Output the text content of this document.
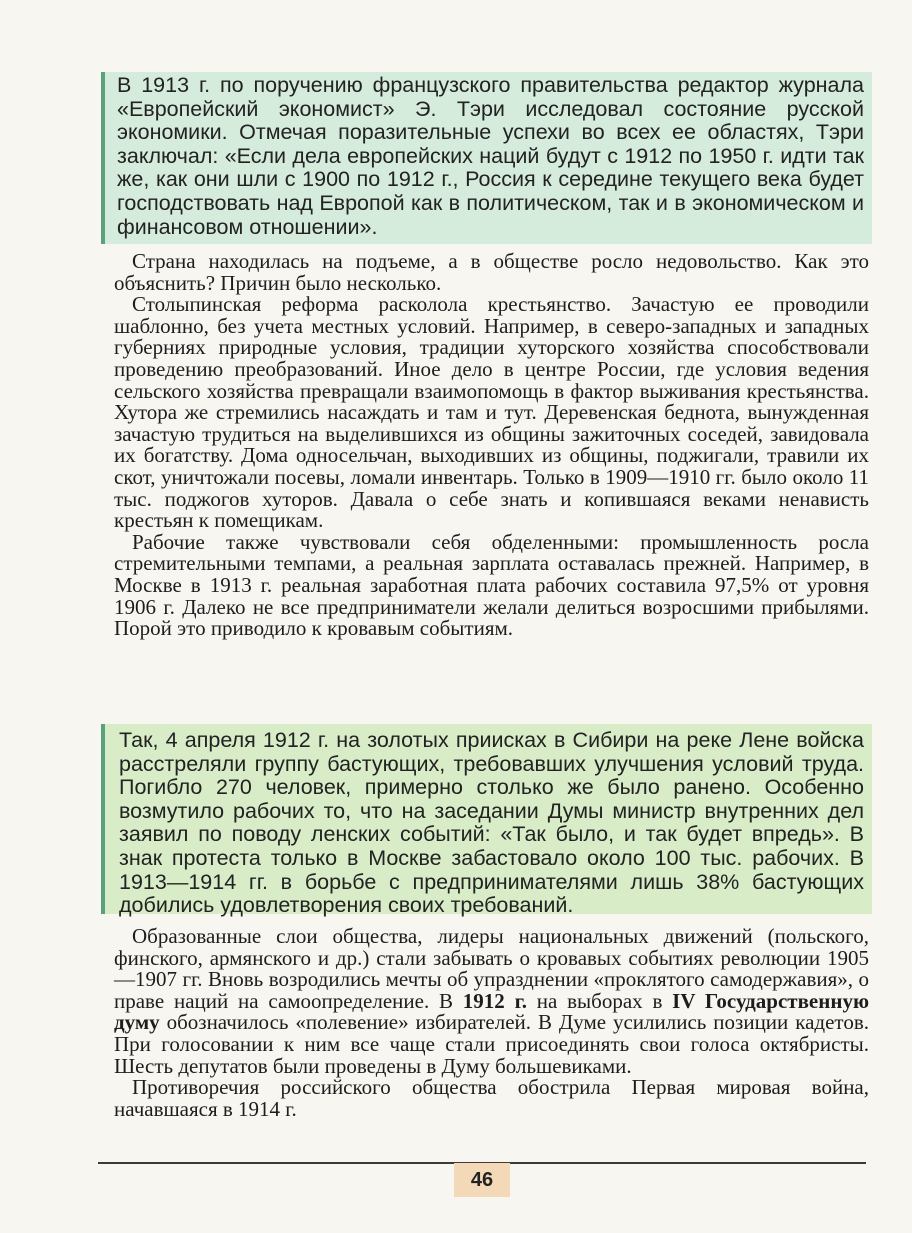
В 1913 г. по поручению французского правительства редактор журнала «Европейский экономист» Э. Тэри исследовал состояние русской экономики. Отмечая поразительные успехи во всех ее областях, Тэри заключал: «Если дела европейских наций будут с 1912 по 1950 г. идти так же, как они шли с 1900 по 1912 г., Россия к середине текущего века будет господствовать над Европой как в политическом, так и в экономическом и финансовом отношении».

Страна находилась на подъеме, а в обществе росло недовольство. Как это объяснить? Причин было несколько.

Столыпинская реформа расколола крестьянство. Зачастую ее проводили шаблонно, без учета местных условий. Например, в северо-западных и западных губерниях природные условия, традиции хуторского хозяйства способствовали проведению преобразований. Иное дело в центре России, где условия ведения сельского хозяйства превращали взаимопомощь в фактор выживания крестьянства. Хутора же стремились насаждать и там и тут. Деревенская беднота, вынужденная зачастую трудиться на выделившихся из общины зажиточных соседей, завидовала их богатству. Дома односельчан, выходивших из общины, поджигали, травили их скот, уничтожали посевы, ломали инвентарь. Только в 1909—1910 гг. было около 11 тыс. поджогов хуторов. Давала о себе знать и копившаяся веками ненависть крестьян к помещикам.

Рабочие также чувствовали себя обделенными: промышленность росла стремительными темпами, а реальная зарплата оставалась прежней. Например, в Москве в 1913 г. реальная заработная плата рабочих составила 97,5% от уровня 1906 г. Далеко не все предприниматели желали делиться возросшими прибылями. Порой это приводило к кровавым событиям.

Так, 4 апреля 1912 г. на золотых приисках в Сибири на реке Лене войска расстреляли группу бастующих, требовавших улучшения условий труда. Погибло 270 человек, примерно столько же было ранено. Особенно возмутило рабочих то, что на заседании Думы министр внутренних дел заявил по поводу ленских событий: «Так было, и так будет впредь». В знак протеста только в Москве забастовало около 100 тыс. рабочих. В 1913—1914 гг. в борьбе с предпринимателями лишь 38% бастующих добились удовлетворения своих требований.

Образованные слои общества, лидеры национальных движений (польского, финского, армянского и др.) стали забывать о кровавых событиях революции 1905—1907 гг. Вновь возродились мечты об упразднении «проклятого самодержавия», о праве наций на самоопределение. В 1912 г. на выборах в IV Государственную думу обозначилось «полевение» избирателей. В Думе усилились позиции кадетов. При голосовании к ним все чаще стали присоединять свои голоса октябристы. Шесть депутатов были проведены в Думу большевиками.

Противоречия российского общества обострила Первая мировая война, начавшаяся в 1914 г.

46
